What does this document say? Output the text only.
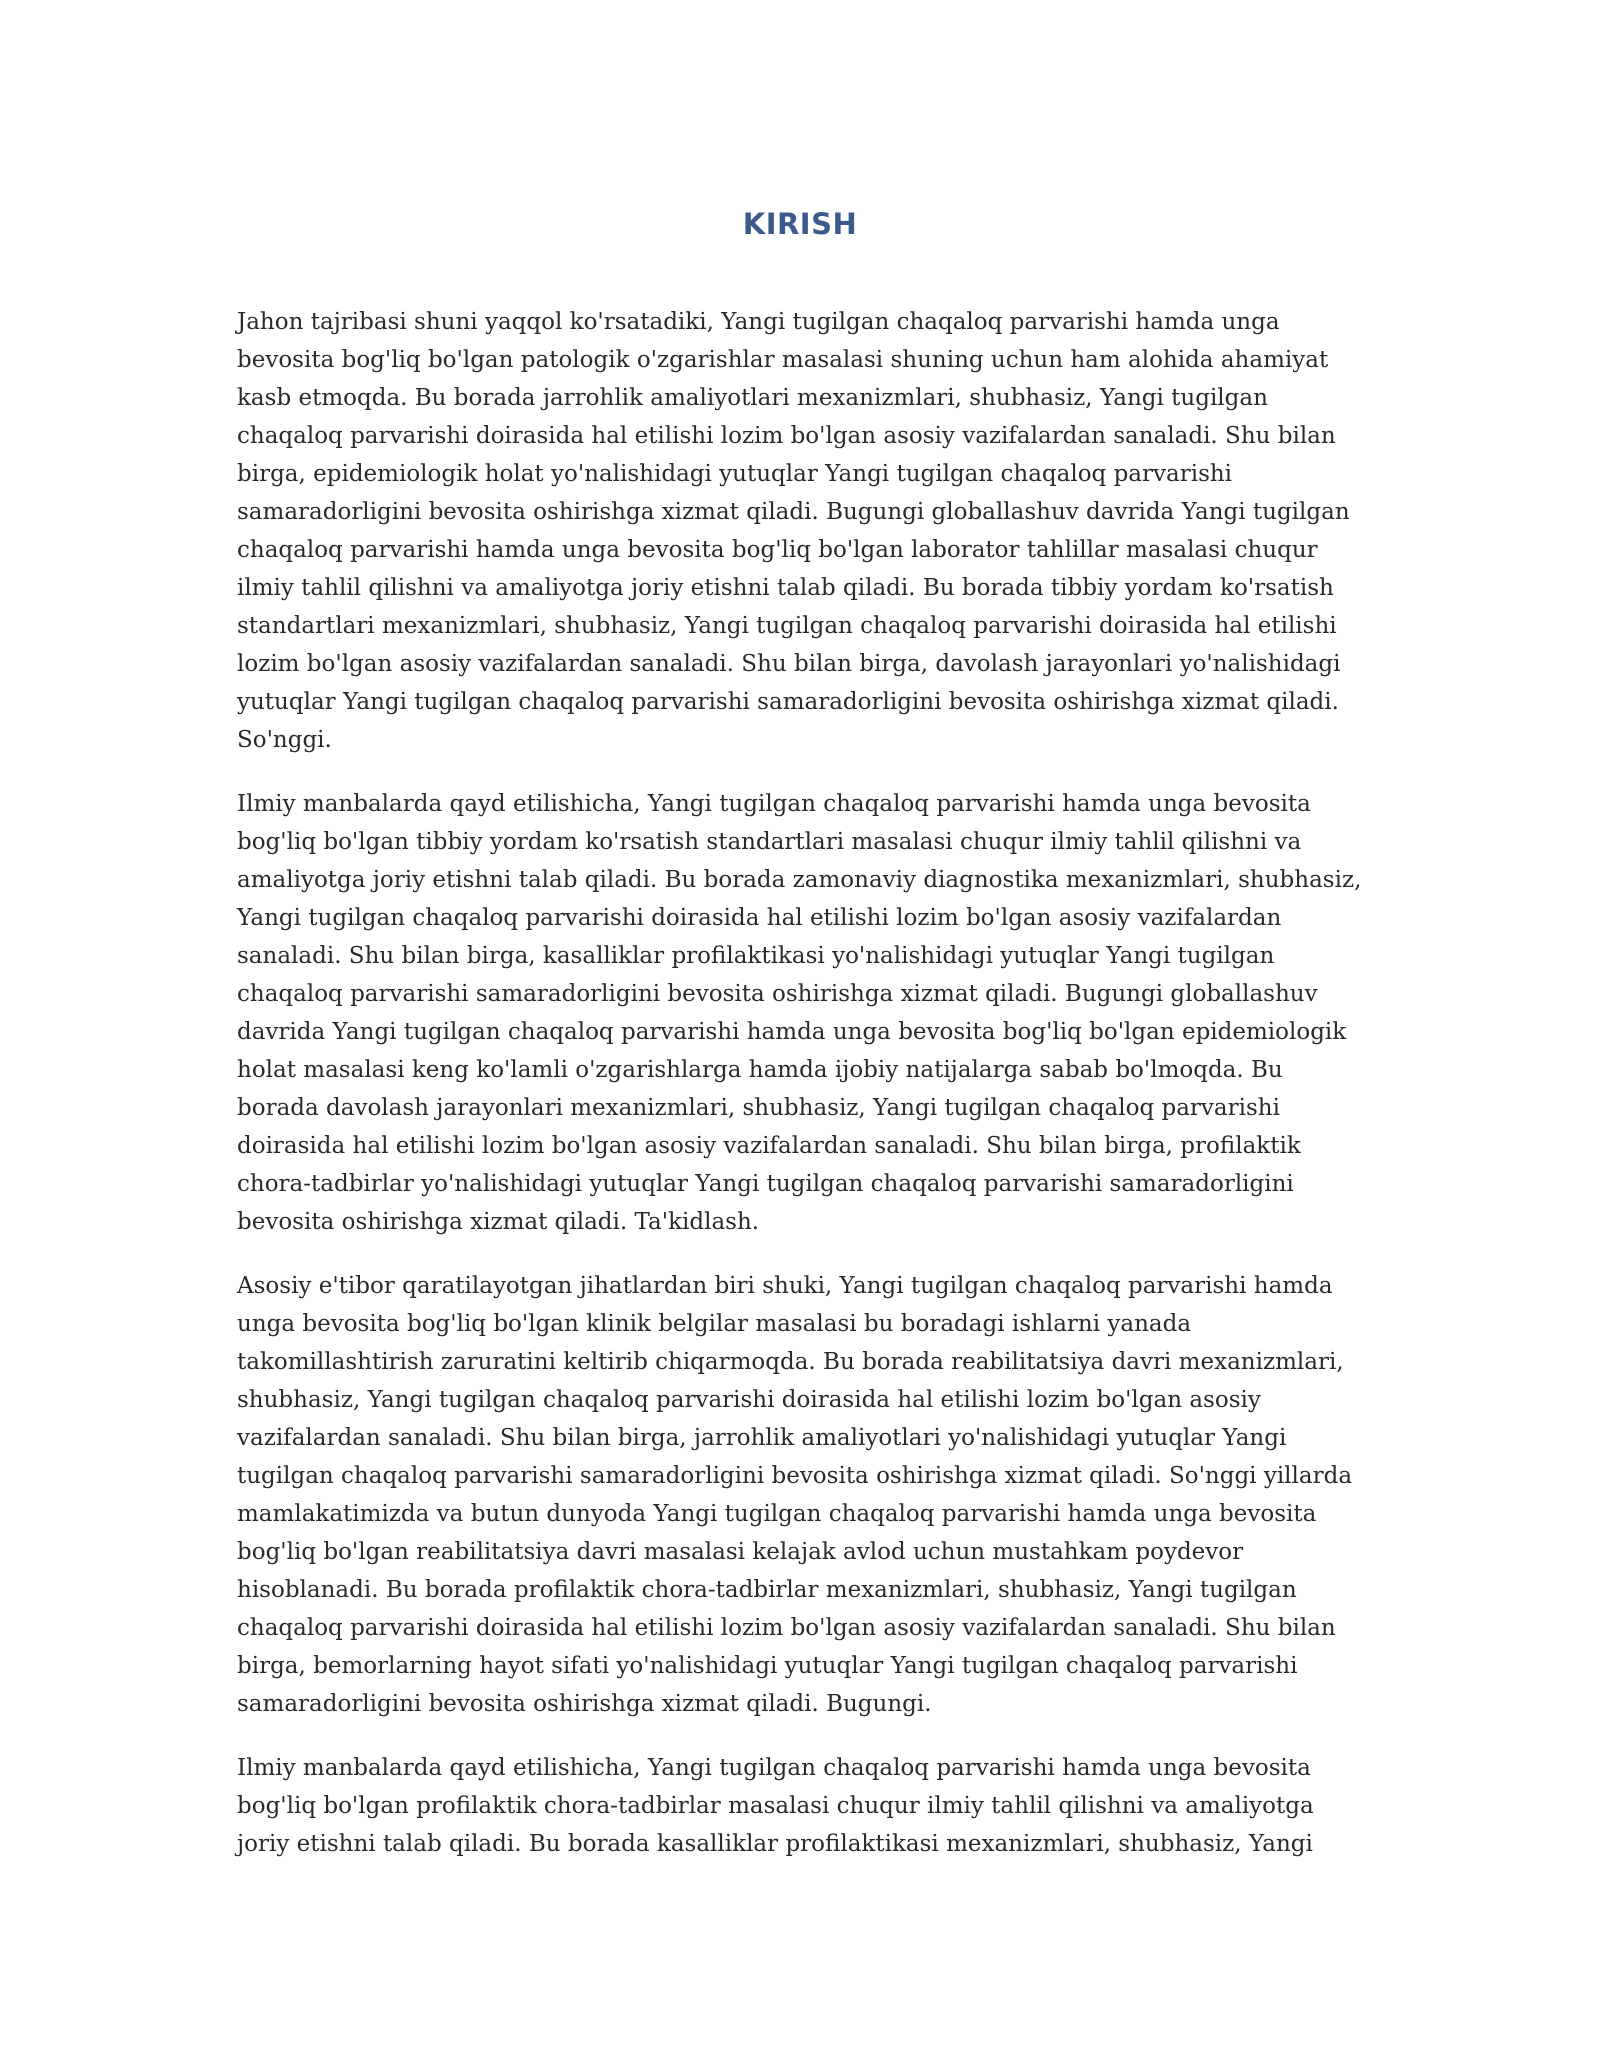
KIRISH

Jahon tajribasi shuni yaqqol ko'rsatadiki, Yangi tugilgan chaqaloq parvarishi hamda unga bevosita bog'liq bo'lgan patologik o'zgarishlar masalasi shuning uchun ham alohida ahamiyat kasb etmoqda. Bu borada jarrohlik amaliyotlari mexanizmlari, shubhasiz, Yangi tugilgan chaqaloq parvarishi doirasida hal etilishi lozim bo'lgan asosiy vazifalardan sanaladi. Shu bilan birga, epidemiologik holat yo'nalishidagi yutuqlar Yangi tugilgan chaqaloq parvarishi samaradorligini bevosita oshirishga xizmat qiladi. Bugungi globallashuv davrida Yangi tugilgan chaqaloq parvarishi hamda unga bevosita bog'liq bo'lgan laborator tahlillar masalasi chuqur ilmiy tahlil qilishni va amaliyotga joriy etishni talab qiladi. Bu borada tibbiy yordam ko'rsatish standartlari mexanizmlari, shubhasiz, Yangi tugilgan chaqaloq parvarishi doirasida hal etilishi lozim bo'lgan asosiy vazifalardan sanaladi. Shu bilan birga, davolash jarayonlari yo'nalishidagi yutuqlar Yangi tugilgan chaqaloq parvarishi samaradorligini bevosita oshirishga xizmat qiladi. So'nggi.

Ilmiy manbalarda qayd etilishicha, Yangi tugilgan chaqaloq parvarishi hamda unga bevosita bog'liq bo'lgan tibbiy yordam ko'rsatish standartlari masalasi chuqur ilmiy tahlil qilishni va amaliyotga joriy etishni talab qiladi. Bu borada zamonaviy diagnostika mexanizmlari, shubhasiz, Yangi tugilgan chaqaloq parvarishi doirasida hal etilishi lozim bo'lgan asosiy vazifalardan sanaladi. Shu bilan birga, kasalliklar profilaktikasi yo'nalishidagi yutuqlar Yangi tugilgan chaqaloq parvarishi samaradorligini bevosita oshirishga xizmat qiladi. Bugungi globallashuv davrida Yangi tugilgan chaqaloq parvarishi hamda unga bevosita bog'liq bo'lgan epidemiologik holat masalasi keng ko'lamli o'zgarishlarga hamda ijobiy natijalarga sabab bo'lmoqda. Bu borada davolash jarayonlari mexanizmlari, shubhasiz, Yangi tugilgan chaqaloq parvarishi doirasida hal etilishi lozim bo'lgan asosiy vazifalardan sanaladi. Shu bilan birga, profilaktik chora-tadbirlar yo'nalishidagi yutuqlar Yangi tugilgan chaqaloq parvarishi samaradorligini bevosita oshirishga xizmat qiladi. Ta'kidlash.

Asosiy e'tibor qaratilayotgan jihatlardan biri shuki, Yangi tugilgan chaqaloq parvarishi hamda unga bevosita bog'liq bo'lgan klinik belgilar masalasi bu boradagi ishlarni yanada takomillashtirish zaruratini keltirib chiqarmoqda. Bu borada reabilitatsiya davri mexanizmlari, shubhasiz, Yangi tugilgan chaqaloq parvarishi doirasida hal etilishi lozim bo'lgan asosiy vazifalardan sanaladi. Shu bilan birga, jarrohlik amaliyotlari yo'nalishidagi yutuqlar Yangi tugilgan chaqaloq parvarishi samaradorligini bevosita oshirishga xizmat qiladi. So'nggi yillarda mamlakatimizda va butun dunyoda Yangi tugilgan chaqaloq parvarishi hamda unga bevosita bog'liq bo'lgan reabilitatsiya davri masalasi kelajak avlod uchun mustahkam poydevor hisoblanadi. Bu borada profilaktik chora-tadbirlar mexanizmlari, shubhasiz, Yangi tugilgan chaqaloq parvarishi doirasida hal etilishi lozim bo'lgan asosiy vazifalardan sanaladi. Shu bilan birga, bemorlarning hayot sifati yo'nalishidagi yutuqlar Yangi tugilgan chaqaloq parvarishi samaradorligini bevosita oshirishga xizmat qiladi. Bugungi.

Ilmiy manbalarda qayd etilishicha, Yangi tugilgan chaqaloq parvarishi hamda unga bevosita bog'liq bo'lgan profilaktik chora-tadbirlar masalasi chuqur ilmiy tahlil qilishni va amaliyotga joriy etishni talab qiladi. Bu borada kasalliklar profilaktikasi mexanizmlari, shubhasiz, Yangi
